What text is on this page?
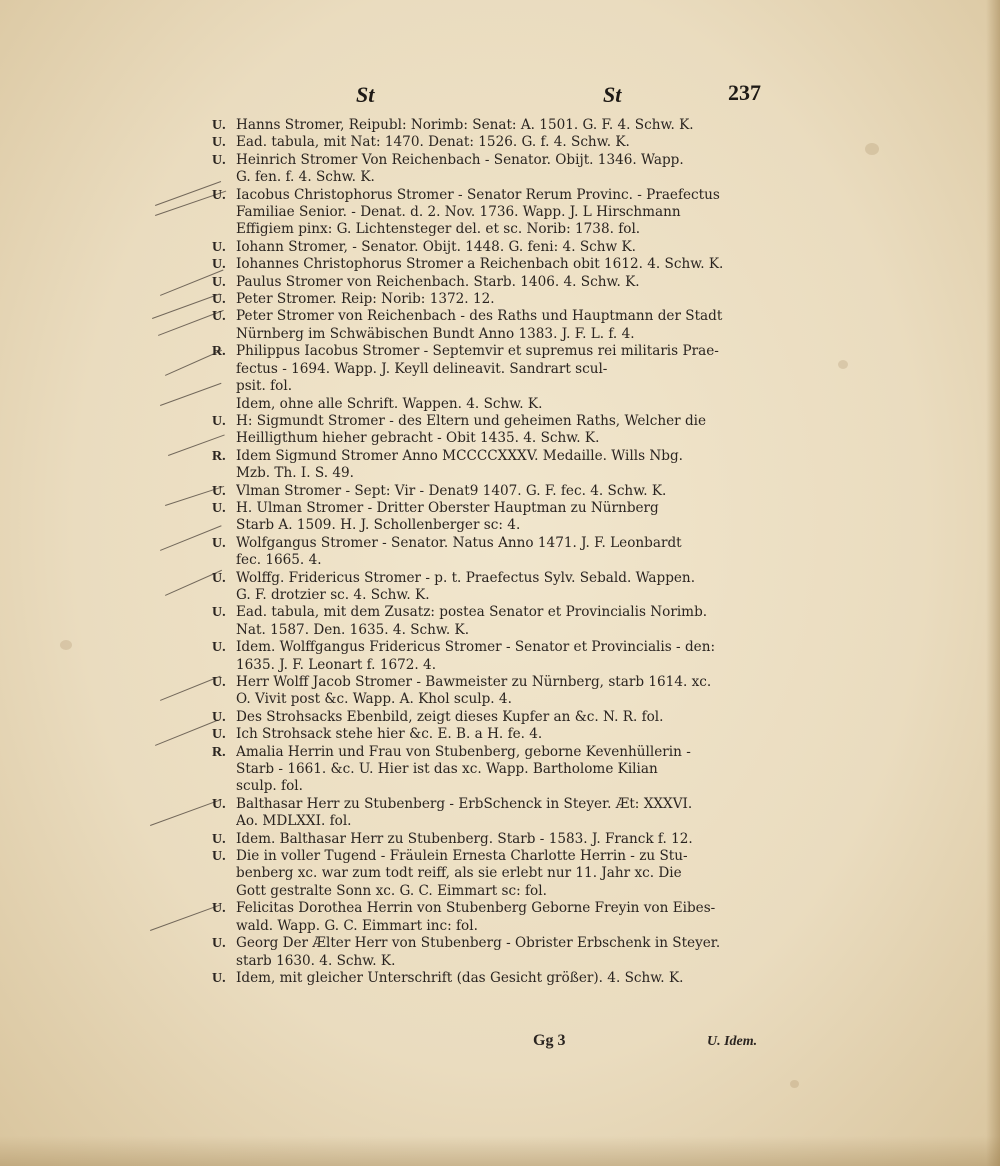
St	St	237
U. Hanns Stromer, Reipubl: Norimb: Senat: A. 1501. G. F. 4. Schw. K.
U. Ead. tabula, mit Nat: 1470. Denat: 1526. G. f. 4. Schw. K.
U. Heinrich Stromer Von Reichenbach - Senator. Obijt. 1346. Wapp.
G. fen. f. 4. Schw. K.
U. Iacobus Christophorus Stromer - Senator Rerum Provinc. - Praefectus
Familiae Senior. - Denat. d. 2. Nov. 1736. Wapp. J. L Hirschmann
Effigiem pinx: G. Lichtensteger del. et sc. Norib: 1738. fol.
U. Iohann Stromer, - Senator. Obijt. 1448. G. feni: 4. Schw K.
U. Iohannes Christophorus Stromer a Reichenbach obit 1612. 4. Schw. K.
U. Paulus Stromer von Reichenbach. Starb. 1406. 4. Schw. K.
U. Peter Stromer. Reip: Norib: 1372. 12.
U. Peter Stromer von Reichenbach - des Raths und Hauptmann der Stadt
Nürnberg im Schwäbischen Bundt Anno 1383. J. F. L. f. 4.
R. Philippus Iacobus Stromer - Septemvir et supremus rei militaris Prae-
fectus - 1694. Wapp. J. Keyll delineavit. Sandrart scul-
psit. fol.
Idem, ohne alle Schrift. Wappen. 4. Schw. K.
U. H: Sigmundt Stromer - des Eltern und geheimen Raths, Welcher die
Heilligthum hieher gebracht - Obit 1435. 4. Schw. K.
R. Idem Sigmund Stromer Anno MCCCCXXXV. Medaille. Wills Nbg.
Mzb. Th. I. S. 49.
U. Vlman Stromer - Sept: Vir - Denat9 1407. G. F. fec. 4. Schw. K.
U. H. Ulman Stromer - Dritter Oberster Hauptman zu Nürnberg
Starb A. 1509. H. J. Schollenberger sc: 4.
U. Wolfgangus Stromer - Senator. Natus Anno 1471. J. F. Leonbardt
fec. 1665. 4.
U. Wolffg. Fridericus Stromer - p. t. Praefectus Sylv. Sebald. Wappen.
G. F. drotzier sc. 4. Schw. K.
U. Ead. tabula, mit dem Zusatz: postea Senator et Provincialis Norimb.
Nat. 1587. Den. 1635. 4. Schw. K.
U. Idem. Wolffgangus Fridericus Stromer - Senator et Provincialis - den:
1635. J. F. Leonart f. 1672. 4.
U. Herr Wolff Jacob Stromer - Bawmeister zu Nürnberg, starb 1614. xc.
O. Vivit post &c. Wapp. A. Khol sculp. 4.
U. Des Strohsacks Ebenbild, zeigt dieses Kupfer an &c. N. R. fol.
U. Ich Strohsack stehe hier &c. E. B. a H. fe. 4.
R. Amalia Herrin und Frau von Stubenberg, geborne Kevenhüllerin -
Starb - 1661. &c. U. Hier ist das xc. Wapp. Bartholome Kilian
sculp. fol.
U. Balthasar Herr zu Stubenberg - ErbSchenck in Steyer. Æt: XXXVI.
Ao. MDLXXI. fol.
U. Idem. Balthasar Herr zu Stubenberg. Starb - 1583. J. Franck f. 12.
U. Die in voller Tugend - Fräulein Ernesta Charlotte Herrin - zu Stu-
benberg xc. war zum todt reiff, als sie erlebt nur 11. Jahr xc. Die
Gott gestralte Sonn xc. G. C. Eimmart sc: fol.
U. Felicitas Dorothea Herrin von Stubenberg Geborne Freyin von Eibes-
wald. Wapp. G. C. Eimmart inc: fol.
U. Georg Der Ælter Herr von Stubenberg - Obrister Erbschenk in Steyer.
starb 1630. 4. Schw. K.
U. Idem, mit gleicher Unterschrift (das Gesicht größer). 4. Schw. K.
Gg 3	U. Idem.
